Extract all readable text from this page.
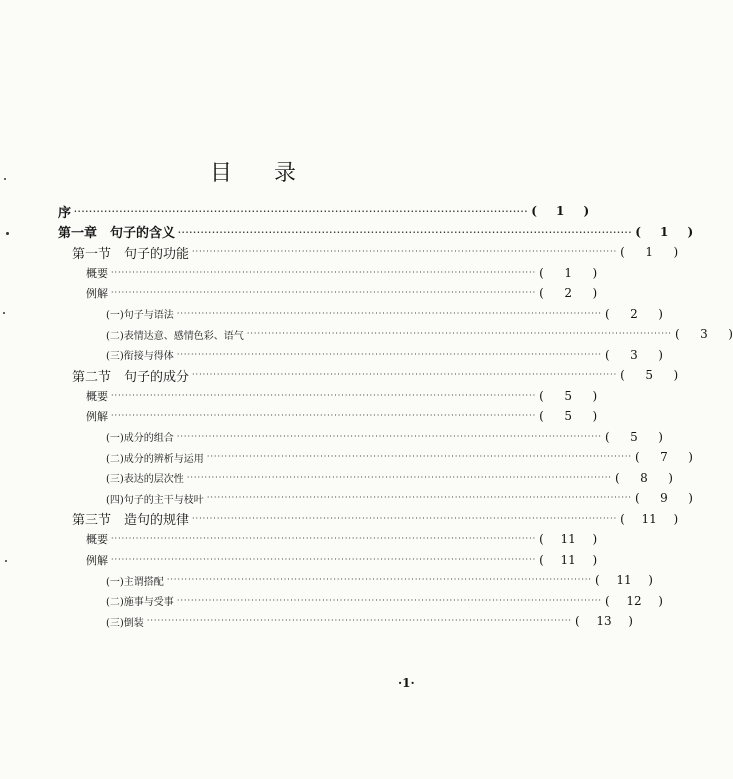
目 录
序 ························································································································ ( 1 )
第一章　句子的含义 ························································································································ ( 1 )
第一节　句子的功能 ························································································································ ( 1 )
概要 ························································································································ ( 1 )
例解 ························································································································ ( 2 )
(一)句子与语法 ························································································································ ( 2 )
(二)表情达意、感情色彩、语气 ························································································································ ( 3 )
(三)衔接与得体 ························································································································ ( 3 )
第二节　句子的成分 ························································································································ ( 5 )
概要 ························································································································ ( 5 )
例解 ························································································································ ( 5 )
(一)成分的组合 ························································································································ ( 5 )
(二)成分的辨析与运用 ························································································································ ( 7 )
(三)表达的层次性 ························································································································ ( 8 )
(四)句子的主干与枝叶 ························································································································ ( 9 )
第三节　造句的规律 ························································································································ ( 11 )
概要 ························································································································ ( 11 )
例解 ························································································································ ( 11 )
(一)主谓搭配 ························································································································ ( 11 )
(二)施事与受事 ························································································································ ( 12 )
(三)倒装 ························································································································ ( 13 )
·1·
